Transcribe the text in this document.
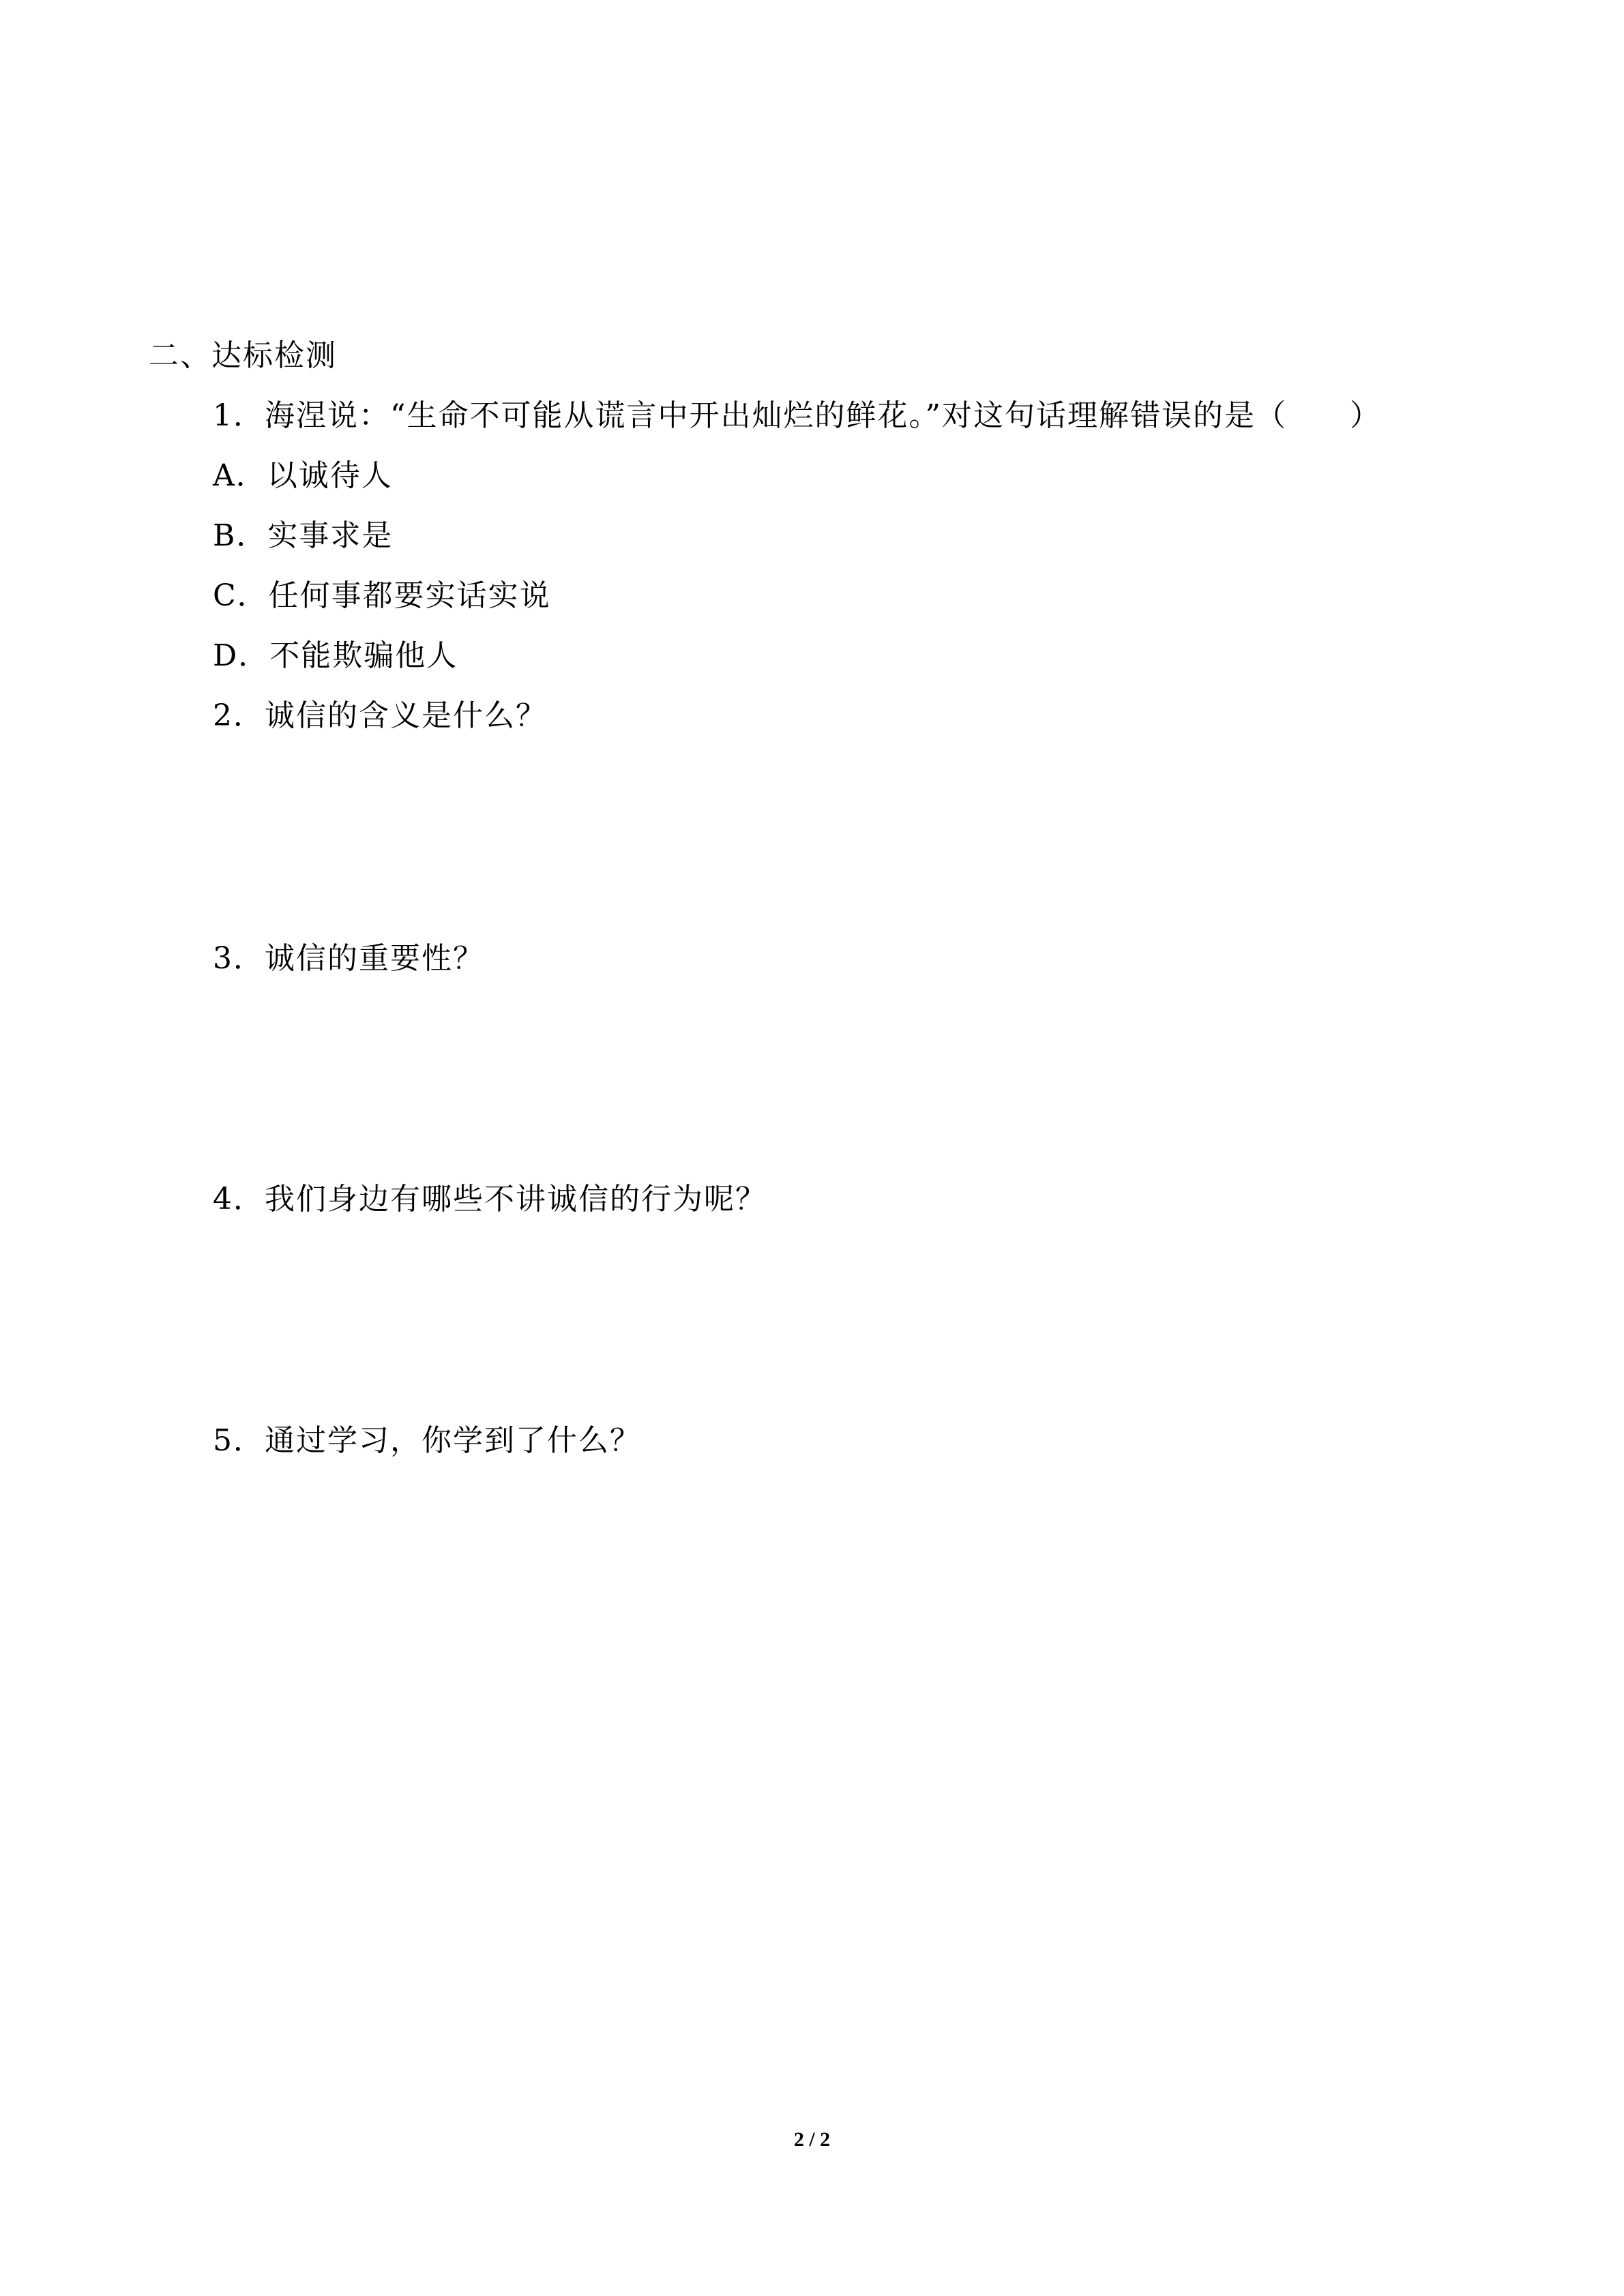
二、达标检测
1．海涅说：“生命不可能从谎言中开出灿烂的鲜花。”对这句话理解错误的是（　　）
A．以诚待人
B．实事求是
C．任何事都要实话实说
D．不能欺骗他人
2．诚信的含义是什么？
3．诚信的重要性？
4．我们身边有哪些不讲诚信的行为呢？
5．通过学习，你学到了什么？
2 / 2
